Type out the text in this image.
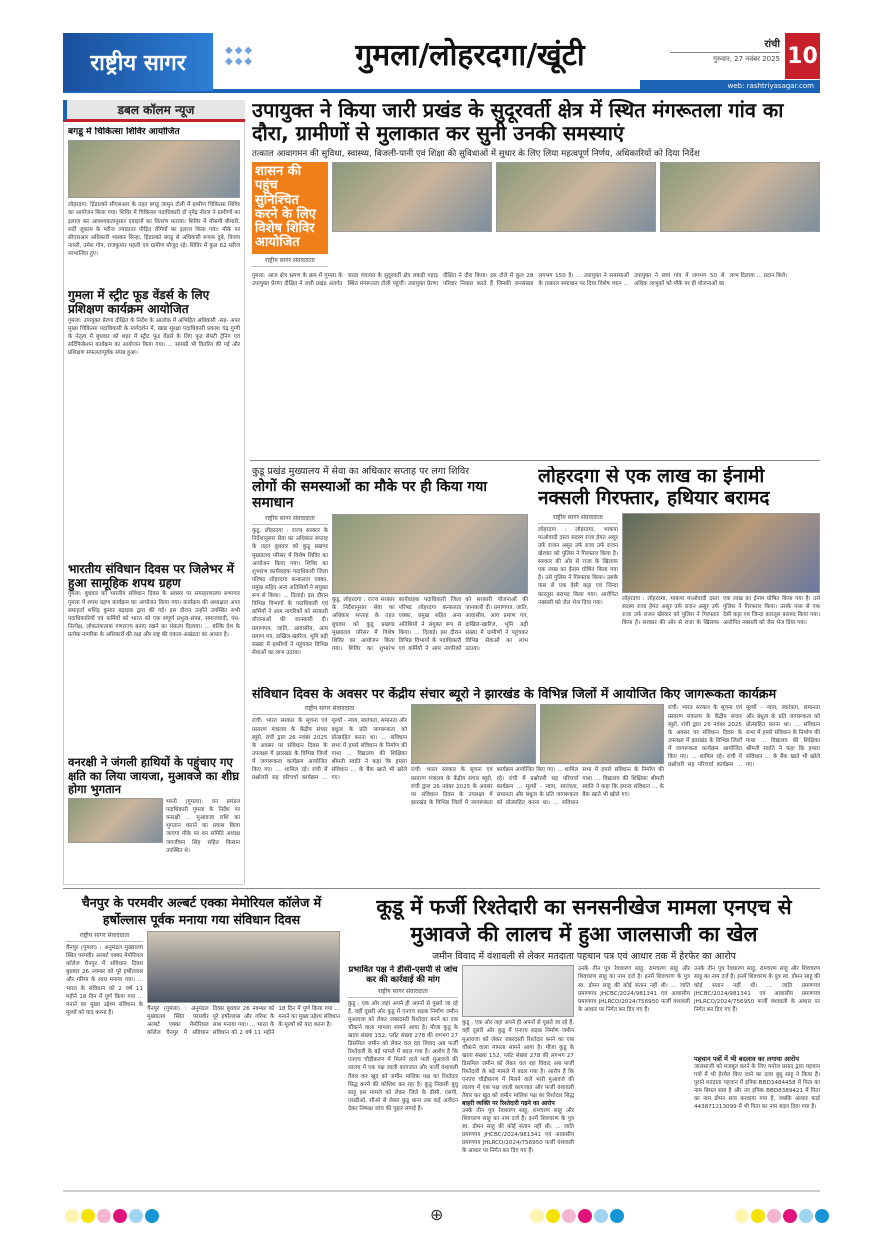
राष्ट्रीय सागर
◆◆◆
◆◆◆	गुमला/लोहरदगा/खूंटी	रांची
गुरुवार, 27 नवंबर 2025 10
web: rashtriyasagar.com
डबल कॉलम न्यूज
बगडू में चिकित्सा शिविर आयोजित

लोहरदगा: हिंडाल्को सीएसआर के तहत बगडू जामुन टोली में ग्रामीण चिकित्सा शिविर का आयोजन किया गया। शिविर में चिकित्सा पदाधिकारी डॉ नृपेंद्र नीरज ने ग्रामीणों का इलाज कर आवश्यकतानुसार दवाइयों का वितरण कराया। शिविर में मौसमी बीमारी, सर्दी जुकाम के मरीज ज्यादातर पीड़ित रोगियों का इलाज किया गया। मौके पर सीएसआर अधिकारी भास्कर सिन्हा, हिंडाल्को बगडू से अधिकारी रूपक दुबे, विजय नायरी, उमेश गोप, राजकुमार महली एवं ग्रामीण मौजूद रहे। शिविर में कुल 62 मरीज लाभान्वित हुए।

गुमला में स्ट्रीट फूड वेंडर्स के लिए प्रशिक्षण कार्यक्रम आयोजित

गुमला: उपायुक्त प्रेरणा दीक्षित के निर्देश के आलोक में अभिहित अधिकारी -सह- अपर मुख्य चिकित्सा पदाधिकारी के मार्गदर्शन में, खाद्य सुरक्षा पदाधिकारी प्रकाश चंद्र गुग्गी के नेतृत्व में बुधवार को शहर में स्ट्रीट फूड वेंडर्स के लिए फूड सेफ्टी ट्रेनिंग एवं सर्टिफिकेशन कार्यक्रम का आयोजन किया गया। ... सामग्री भी वितरित की गई और प्रशिक्षण सफलतापूर्वक संपन्न हुआ।

भारतीय संविधान दिवस पर जिलेभर में हुआ सामूहिक शपथ ग्रहण

गुमला: बुधवार को भारतीय संविधान दिवस के अवसर पर समाहरणालय सभागार गुमला में शपथ ग्रहण कार्यक्रम का आयोजन किया गया। कार्यक्रम की अध्यक्षता अपर समाहर्ता शशिंद्र कुमार बड़ाइक द्वारा की गई। इस दौरान उन्होंने उपस्थित सभी पदाधिकारियों एवं कर्मियों को भारत को एक संपूर्ण प्रभुत्व-संपन्न, समाजवादी, पंथ-निरपेक्ष, लोकतंत्रात्मक गणराज्य बनाए रखने का संकल्प दिलाया। ... बल्कि देश के प्रत्येक नागरिक के अधिकारों की रक्षा और राष्ट्र की एकता-अखंडता का आधार है।

वनरक्षी ने जंगली हाथियों के पहुंचाए गए क्षति का लिया जायजा, मुआवजे का शीघ्र होगा भुगतान

भरनो (गुमला): वन प्रमंडल पदाधिकारी गुमला के निर्देश पर वनरक्षी ... मुआवजा राशि का भुगतान कराने का प्रयास किया जाएगा मौके पर वन समिति अध्यक्ष जगजीवन सिंह सहित किसान उपस्थित थे।

उपायुक्त ने किया जारी प्रखंड के सुदूरवर्ती क्षेत्र में स्थित मंगरूतला गांव का दौरा, ग्रामीणों से मुलाकात कर सुनी उनकी समस्याएं
तत्काल आवागमन की सुविधा, स्वास्थ्य, बिजली-पानी एवं शिक्षा की सुविधाओं में सुधार के लिए लिया महत्वपूर्ण निर्णय, अधिकारियों को दिया निर्देश
शासन की पहुंच सुनिश्चित करने के लिए विशेष शिविर आयोजित
राष्ट्रीय सागर संवाददाता

गुमला: आज क्षेत्र भ्रमण के क्रम में गुमला के उपायुक्त प्रेरणा दीक्षित ने जारी प्रखंड अंतर्गत जरडा पंचायत के सुदूरवर्ती क्षेत्र लकड़ी पहाड़ स्थित मंगरूतला टोली पहुंचीं। उपायुक्त प्रेरणा दीक्षित ने दौरा किया। इस टोले में कुल 28 परिवार निवास करते हैं जिनकी जनसंख्या लगभग 150 है। ... उपायुक्त ने समस्याओं के तत्काल समाधान पर दिया विशेष ध्यान ... उपायुक्त ने स्वयं गांव में लगभग 50 से अधिक लाभुकों को मौके पर ही योजनाओं का लाभ दिलाया ... प्रदान किये।

कुडू प्रखंड मुख्यालय में सेवा का अधिकार सप्ताह पर लगा शिविर
लोगों की समस्याओं का मौके पर ही किया गया समाधान
राष्ट्रीय सागर संवाददाता

कुडू, लोहरदगा : राज्य सरकार के निर्देशानुसार सेवा का अधिकार सप्ताह के तहत बुधवार को कुडू प्रखण्ड मुख्यालय परिसर में विशेष शिविर का आयोजन किया गया। शिविर का शुभारंभ कार्यवाहक पदाधिकारी जिला परिषद लोहरदगा कन्कलता एक्का, प्रमुख सहित अन्य अतिथियों ने संयुक्त रूप से किया। ... दिलाई। इस दौरान विभिन्न विभागों के पदाधिकारी एवं कर्मियों ने आम नागरिकों को सरकारी योजनाओं की जानकारी दी। प्रमाणपत्र, जाति, आवासीय, आय प्रमाण पत्र, दाखिल-खारिज, भूमि बड़ी संख्या में ग्रामीणों ने पहुंचकर विभिन्न सेवाओं का लाभ उठाया।

कुडू, लोहरदगा : राज्य सरकार के निर्देशानुसार सेवा का अधिकार सप्ताह के तहत बुधवार को कुडू प्रखण्ड मुख्यालय परिसर में विशेष शिविर का आयोजन किया गया। शिविर का शुभारंभ कार्यवाहक पदाधिकारी जिला परिषद लोहरदगा कन्कलता एक्का, प्रमुख सहित अन्य अतिथियों ने संयुक्त रूप से किया। ... दिलाई। इस दौरान विभिन्न विभागों के पदाधिकारी एवं कर्मियों ने आम नागरिकों को सरकारी योजनाओं की जानकारी दी। प्रमाणपत्र, जाति, आवासीय, आय प्रमाण पत्र, दाखिल-खारिज, भूमि बड़ी संख्या में ग्रामीणों ने पहुंचकर विभिन्न सेवाओं का लाभ उठाया।

लोहरदगा से एक लाख का ईनामी नक्सली गिरफ्तार, हथियार बरामद
राष्ट्रीय सागर संवाददाता

लोहरदगा : लोहरदगा, भाकपा माओवादी दस्ता सदस्य राजा हेमंत असुर उर्फ राजन असुर उर्फ राजा उर्फ राजन खेरवार को पुलिस ने गिरफ्तार किया है। सरकार की ओर से राजा के खिलाफ एक लाख का ईनाम घोषित किया गया है। उसे पुलिस ने गिरफ्तार किया। उसके पास से एक देसी कट्टा एवं जिन्दा कारतूस बरामद किया गया। आरोपित नक्सली को जेल भेज दिया गया।

लोहरदगा : लोहरदगा, भाकपा माओवादी दस्ता सदस्य राजा हेमंत असुर उर्फ राजन असुर उर्फ राजा उर्फ राजन खेरवार को पुलिस ने गिरफ्तार किया है। सरकार की ओर से राजा के खिलाफ एक लाख का ईनाम घोषित किया गया है। उसे पुलिस ने गिरफ्तार किया। उसके पास से एक देसी कट्टा एवं जिन्दा कारतूस बरामद किया गया। आरोपित नक्सली को जेल भेज दिया गया।

संविधान दिवस के अवसर पर केंद्रीय संचार ब्यूरो ने झारखंड के विभिन्न जिलों में आयोजित किए जागरूकता कार्यक्रम
राष्ट्रीय सागर संवाददाता

रांची: भारत सरकार के सूचना एवं प्रसारण मंत्रालय के केंद्रीय संचार ब्यूरो, रांची द्वारा 26 नवंबर 2025 के अवसर पर संविधान दिवस के उपलक्ष्य में झारखंड के विभिन्न जिलों में जागरूकता कार्यक्रम आयोजित किए गए। ... शामिल रहे। रांची में प्रश्नोत्तरी सह परिचर्चा कार्यक्रम ... मूल्यों - न्याय, स्वतंत्रता, समानता और बंधुत्व के प्रति जागरूकता को प्रोत्साहित करना था। ... सविधान सभा में हमारे संविधान के निर्माण की गाथा ... विद्यालय की शिक्षिका श्रीमती स्वाति ने कहा कि हमारा संविधान ... के बैंक खाते भी खोले गए।

रांची: भारत सरकार के सूचना एवं प्रसारण मंत्रालय के केंद्रीय संचार ब्यूरो, रांची द्वारा 26 नवंबर 2025 के अवसर पर संविधान दिवस के उपलक्ष्य में झारखंड के विभिन्न जिलों में जागरूकता कार्यक्रम आयोजित किए गए। ... शामिल रहे। रांची में प्रश्नोत्तरी सह परिचर्चा कार्यक्रम ... मूल्यों - न्याय, स्वतंत्रता, समानता और बंधुत्व के प्रति जागरूकता को प्रोत्साहित करना था। ... सविधान सभा में हमारे संविधान के निर्माण की गाथा ... विद्यालय की शिक्षिका श्रीमती स्वाति ने कहा कि हमारा संविधान ... के बैंक खाते भी खोले गए।

रांची: भारत सरकार के सूचना एवं प्रसारण मंत्रालय के केंद्रीय संचार ब्यूरो, रांची द्वारा 26 नवंबर 2025 के अवसर पर संविधान दिवस के उपलक्ष्य में झारखंड के विभिन्न जिलों में जागरूकता कार्यक्रम आयोजित किए गए। ... शामिल रहे। रांची में प्रश्नोत्तरी सह परिचर्चा कार्यक्रम ... मूल्यों - न्याय, स्वतंत्रता, समानता और बंधुत्व के प्रति जागरूकता को प्रोत्साहित करना था। ... सविधान सभा में हमारे संविधान के निर्माण की गाथा ... विद्यालय की शिक्षिका श्रीमती स्वाति ने कहा कि हमारा संविधान ... के बैंक खाते भी खोले गए।

चैनपुर के परमवीर अल्बर्ट एक्का मेमोरियल कॉलेज में हर्षोल्लास पूर्वक मनाया गया संविधान दिवस
राष्ट्रीय सागर संवाददाता

चैनपुर (गुमला) : अनुमंडल मुख्यालय स्थित परमवीर अल्बर्ट एक्का मेमोरियल कॉलेज चैनपुर में संविधान दिवस बुधवार 26 नवम्बर को पूरे हर्षोल्लास और गरिमा के साथ मनाया गया। ... भारत के संविधान को 2 वर्ष 11 महीने 18 दिन में पूर्ण किया गया ... मनाने का मुख्य उद्देश्य संविधान के मूल्यों को याद करना है।

चैनपुर (गुमला) : अनुमंडल मुख्यालय स्थित परमवीर अल्बर्ट एक्का मेमोरियल कॉलेज चैनपुर में संविधान दिवस बुधवार 26 नवम्बर को पूरे हर्षोल्लास और गरिमा के साथ मनाया गया। ... भारत के संविधान को 2 वर्ष 11 महीने 18 दिन में पूर्ण किया गया ... मनाने का मुख्य उद्देश्य संविधान के मूल्यों को याद करना है।

कूडू में फर्जी रिश्तेदारी का सनसनीखेज मामला एनएच से मुआवजे की लालच में हुआ जालसाजी का खेल
जमीन विवाद में वंशावली से लेकर मतदाता पहचान पत्र एवं आधार तक में हेरफेर का आरोप
प्रभावित पक्ष ने डीसी-एसपी से जांच कर की कार्रवाई की मांग
राष्ट्रीय सागर संवाददाता

कुडू : एक ओर जहां अपने ही अपनों से पूछते जा रहे हैं, वहीं दूसरी ओर कुडू में एनएच सड़क निर्माण जमीन मुआवजा को लेकर जबरदस्ती रिश्तेदार बनने का एक चौंकाने वाला मामला सामने आया है। मौजा कुडू के खाता संख्या 152, प्लॉट संख्या 278 की लगभग 27 डिसमिल जमीन को लेकर चल रहा विवाद अब फर्जी रिश्तेदारी के बड़े मामले में बदल गया है। आरोप है कि एनएच चौड़ीकरण में मिलने वाले भारी मुआवजे की लालच में एक पक्ष जाली कागजात और फर्जी वंशावली तैयार कर खुद को जमीन मालिक पक्ष का रिश्तेदार सिद्ध करने की कोशिश कर रहा है। कुडू निवासी बुधु साहू इस मामले को लेकर जिले के डीसी, एसपी, एसडीओ, सीओ से लेकर कुडू थाना तक कई आवेदन देकर निष्पक्ष जांच की गुहार लगाई है।

कुडू : एक ओर जहां अपने ही अपनों से पूछते जा रहे हैं, वहीं दूसरी ओर कुडू में एनएच सड़क निर्माण जमीन मुआवजा को लेकर जबरदस्ती रिश्तेदार बनने का एक चौंकाने वाला मामला सामने आया है। मौजा कुडू के खाता संख्या 152, प्लॉट संख्या 278 की लगभग 27 डिसमिल जमीन को लेकर चल रहा विवाद अब फर्जी रिश्तेदारी के बड़े मामले में बदल गया है। आरोप है कि एनएच चौड़ीकरण में मिलने वाले भारी मुआवजे की लालच में एक पक्ष जाली कागजात और फर्जी वंशावली तैयार कर खुद को जमीन मालिक पक्ष का रिश्तेदार सिद्ध

बाहरी व्यक्ति पर रिश्तेदारी गढ़ने का आरोप

उनके तीन पुत्र रेवधारण साहू, रामचरण साहू और शिवचरण साहू का नाम दर्ज है। इनमें शिवचरण के पुत्र स्व. डोमन साहू की कोई संतान नहीं थी। ... जाति प्रमाणपत्र JHCBC/2024/981341 एवं आवासीय प्रमाणपत्र JHLRCO/2024/756950 फर्जी वंशावली के आधार पर निर्गत कर दिए गए हैं।

उनके तीन पुत्र रेवधारण साहू, रामचरण साहू और शिवचरण साहू का नाम दर्ज है। इनमें शिवचरण के पुत्र स्व. डोमन साहू की कोई संतान नहीं थी। ... जाति प्रमाणपत्र JHCBC/2024/981341 एवं आवासीय प्रमाणपत्र JHLRCO/2024/756950 फर्जी वंशावली के आधार पर निर्गत कर दिए गए हैं।

उनके तीन पुत्र रेवधारण साहू, रामचरण साहू और शिवचरण साहू का नाम दर्ज है। इनमें शिवचरण के पुत्र स्व. डोमन साहू की कोई संतान नहीं थी। ... जाति प्रमाणपत्र JHCBC/2024/981341 एवं आवासीय प्रमाणपत्र JHLRCO/2024/756950 फर्जी वंशावली के आधार पर निर्गत कर दिए गए हैं।

पहचान पत्रों में भी बदलाव का लगाया आरोप

जालसाजी को मजबूत करने के लिए मनोज प्रसाद द्वारा पहचान पत्रों में भी हेरफेर किए जाने का दावा बुधु साहू ने किया है। पुराने मतदाता पहचान में इपिक BBD3484458 में पिता का नाम बिमल साव है और नए इपिक BBD8389421 में पिता का नाम डोमन साव करवाया गया है, जबकि आधार कार्ड 443871213099 में भी पिता का नाम बदल दिया गया है।

⊕
